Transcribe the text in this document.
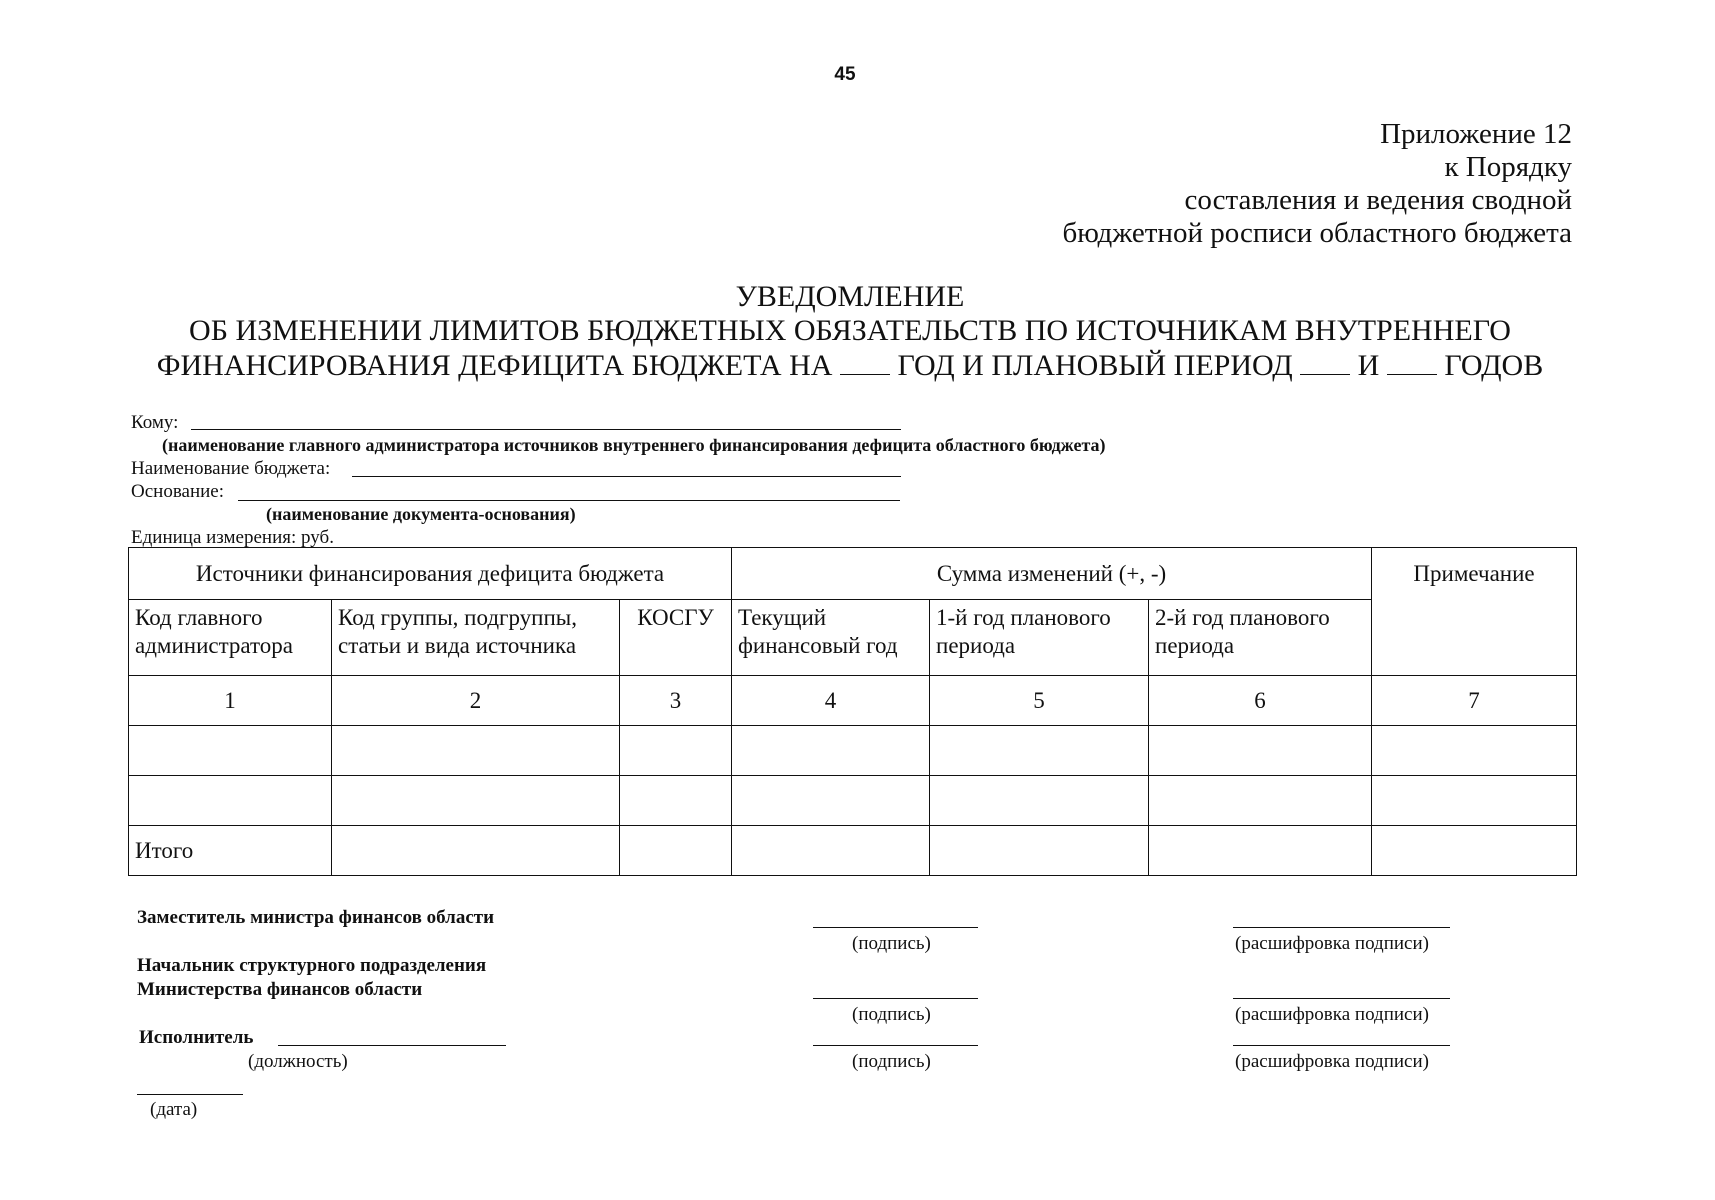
45
Приложение 12
к Порядку
составления и ведения сводной
бюджетной росписи областного бюджета
УВЕДОМЛЕНИЕ
ОБ ИЗМЕНЕНИИ ЛИМИТОВ БЮДЖЕТНЫХ ОБЯЗАТЕЛЬСТВ ПО ИСТОЧНИКАМ ВНУТРЕННЕГО
ФИНАНСИРОВАНИЯ ДЕФИЦИТА БЮДЖЕТА НА ГОД И ПЛАНОВЫЙ ПЕРИОД И ГОДОВ
Кому:
(наименование главного администратора источников внутреннего финансирования дефицита областного бюджета)
Наименование бюджета:
Основание:
(наименование документа-основания)
Единица измерения: руб.
Источники финансирования дефицита бюджета			Сумма изменений (+, -)			Примечание
Код главного администратора	Код группы, подгруппы, статьи и вида источника	КОСГУ	Текущий финансовый год	1-й год планового периода	2-й год планового периода	
1	2	3	4	5	6	7

Итого						
Заместитель министра финансов области
(подпись)	(расшифровка подписи)
Начальник структурного подразделения
Министерства финансов области
(подпись)	(расшифровка подписи)
Исполнитель
(должность)	(подпись)	(расшифровка подписи)
(дата)
